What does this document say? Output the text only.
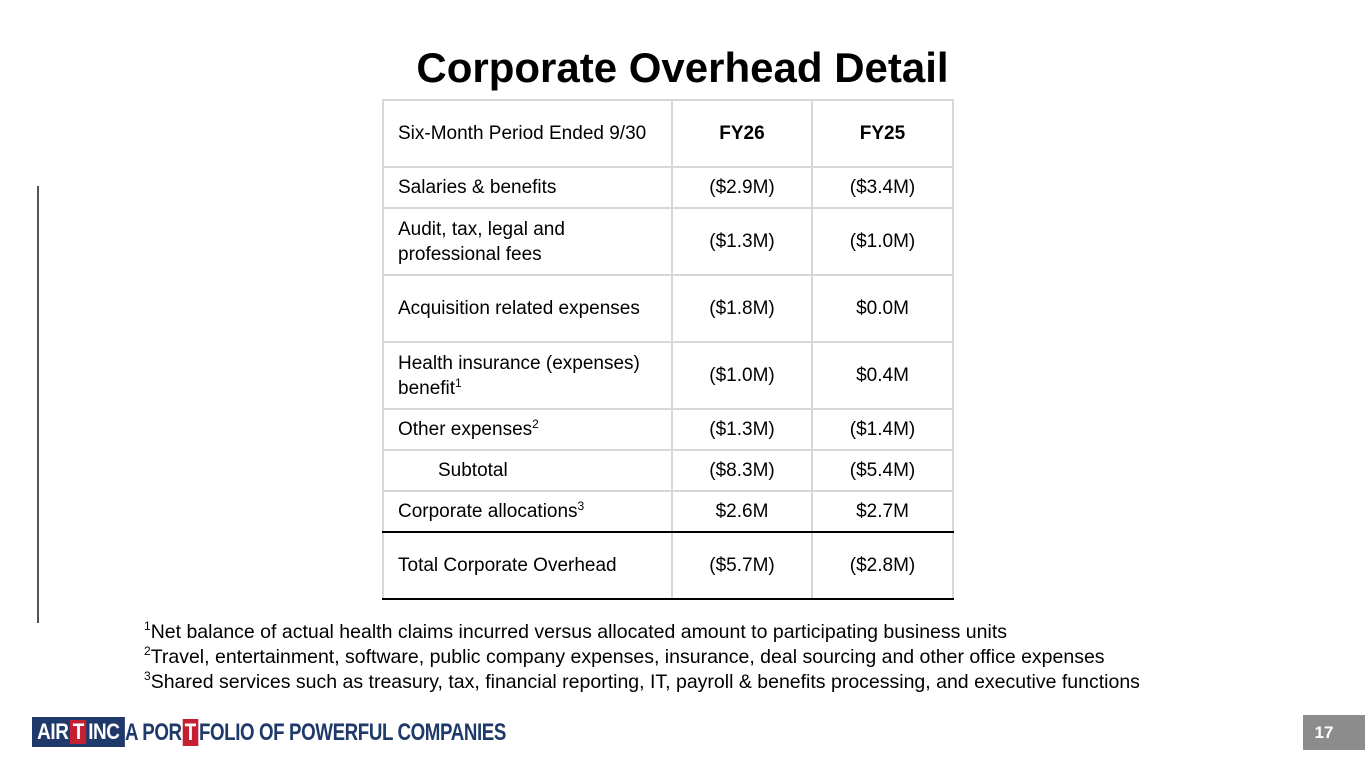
Corporate Overhead Detail
Six-Month Period Ended 9/30	FY26	FY25
Salaries & benefits	($2.9M)	($3.4M)
Audit, tax, legal and professional fees	($1.3M)	($1.0M)
Acquisition related expenses	($1.8M)	$0.0M
Health insurance (expenses) benefit$^1$	($1.0M)	$0.4M
Other expenses$^2$	($1.3M)	($1.4M)
Subtotal	($8.3M)	($5.4M)
Corporate allocations$^3$	$2.6M	$2.7M
Total Corporate Overhead	($5.7M)	($2.8M)
$^1$Net balance of actual health claims incurred versus allocated amount to participating business units
$^2$Travel, entertainment, software, public company expenses, insurance, deal sourcing and other office expenses
$^3$Shared services such as treasury, tax, financial reporting, IT, payroll & benefits processing, and executive functions
AIR T INC A POR T FOLIO OF POWERFUL COMPANIES	17
